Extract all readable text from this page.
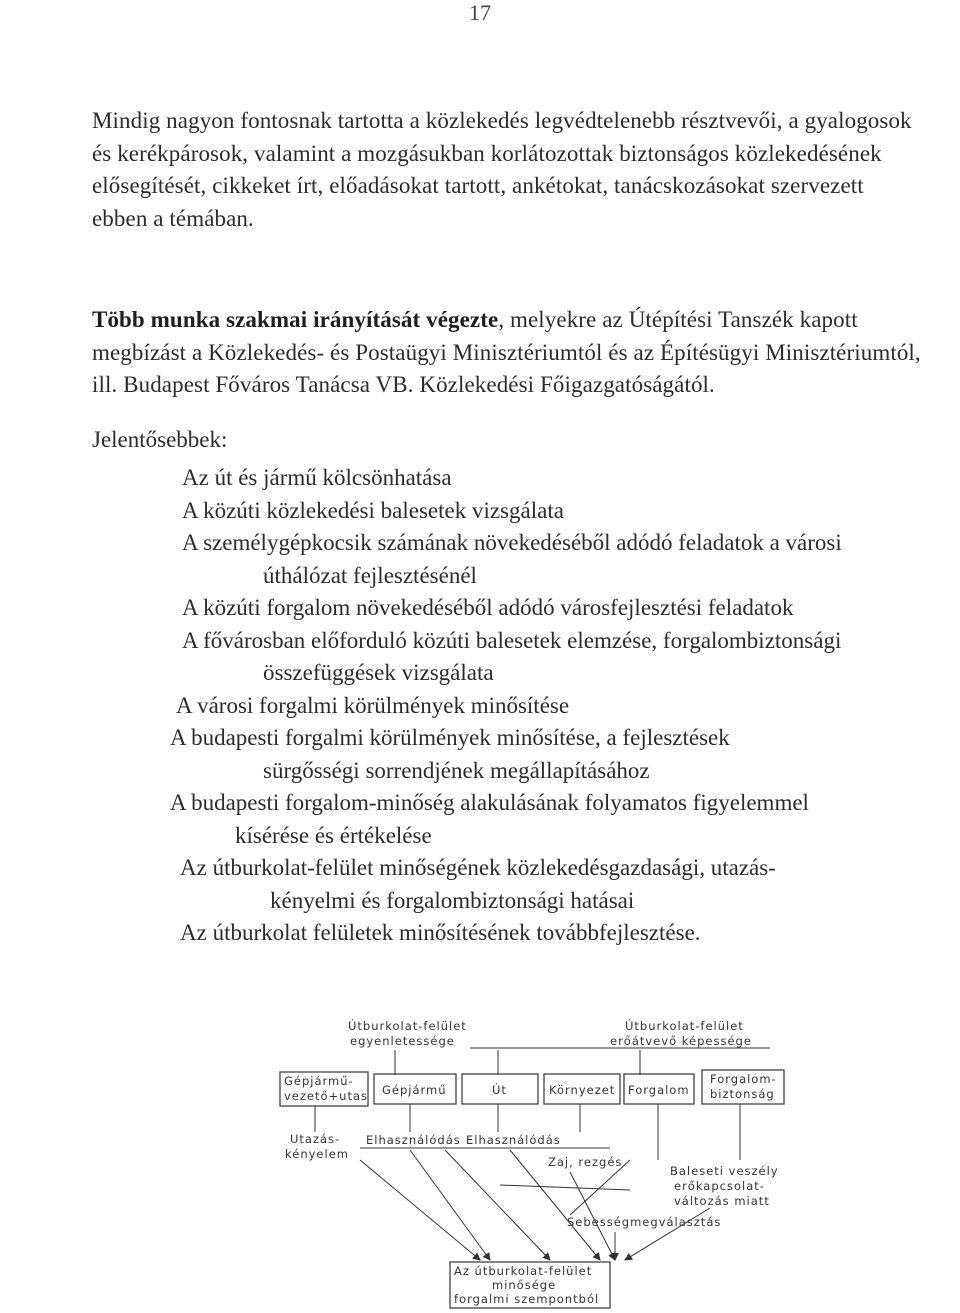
17

Mindig nagyon fontosnak tartotta a közlekedés legvédtelenebb résztvevői, a gyalogosok
és kerékpárosok, valamint a mozgásukban korlátozottak biztonságos közlekedésének
elősegítését, cikkeket írt, előadásokat tartott, ankétokat, tanácskozásokat szervezett
ebben a témában.

Több munka szakmai irányítását végezte, melyekre az Útépítési Tanszék kapott
megbízást a Közlekedés- és Postaügyi Minisztériumtól és az Építésügyi Minisztériumtól,
ill. Budapest Főváros Tanácsa VB. Közlekedési Főigazgatóságától.

Jelentősebbek:

Az út és jármű kölcsönhatása
A közúti közlekedési balesetek vizsgálata
A személygépkocsik számának növekedéséből adódó feladatok a városi
úthálózat fejlesztésénél
A közúti forgalom növekedéséből adódó városfejlesztési feladatok
A fővárosban előforduló közúti balesetek elemzése, forgalombiztonsági
összefüggések vizsgálata
A városi forgalmi körülmények minősítése
A budapesti forgalmi körülmények minősítése, a fejlesztések
sürgősségi sorrendjének megállapításához
A budapesti forgalom-minőség alakulásának folyamatos figyelemmel
kísérése és értékelése
Az útburkolat-felület minőségének közlekedésgazdasági, utazás-
kényelmi és forgalombiztonsági hatásai
Az útburkolat felületek minősítésének továbbfejlesztése.
Útburkolat-felület
egyenletessége
Útburkolat-felület
erőátvevő képessége
Gépjármű-
vezető+utas Gépjármű	Út	Környezet Forgalom
Forgalom-
biztonság
Utazás-
kényelem
Elhasználódás Elhasználódás
Zaj, rezgés
Baleseti veszély
erőkapcsolat-
változás miatt
Sebességmegválasztás
Az útburkolat-felület
minősége
forgalmi szempontból
